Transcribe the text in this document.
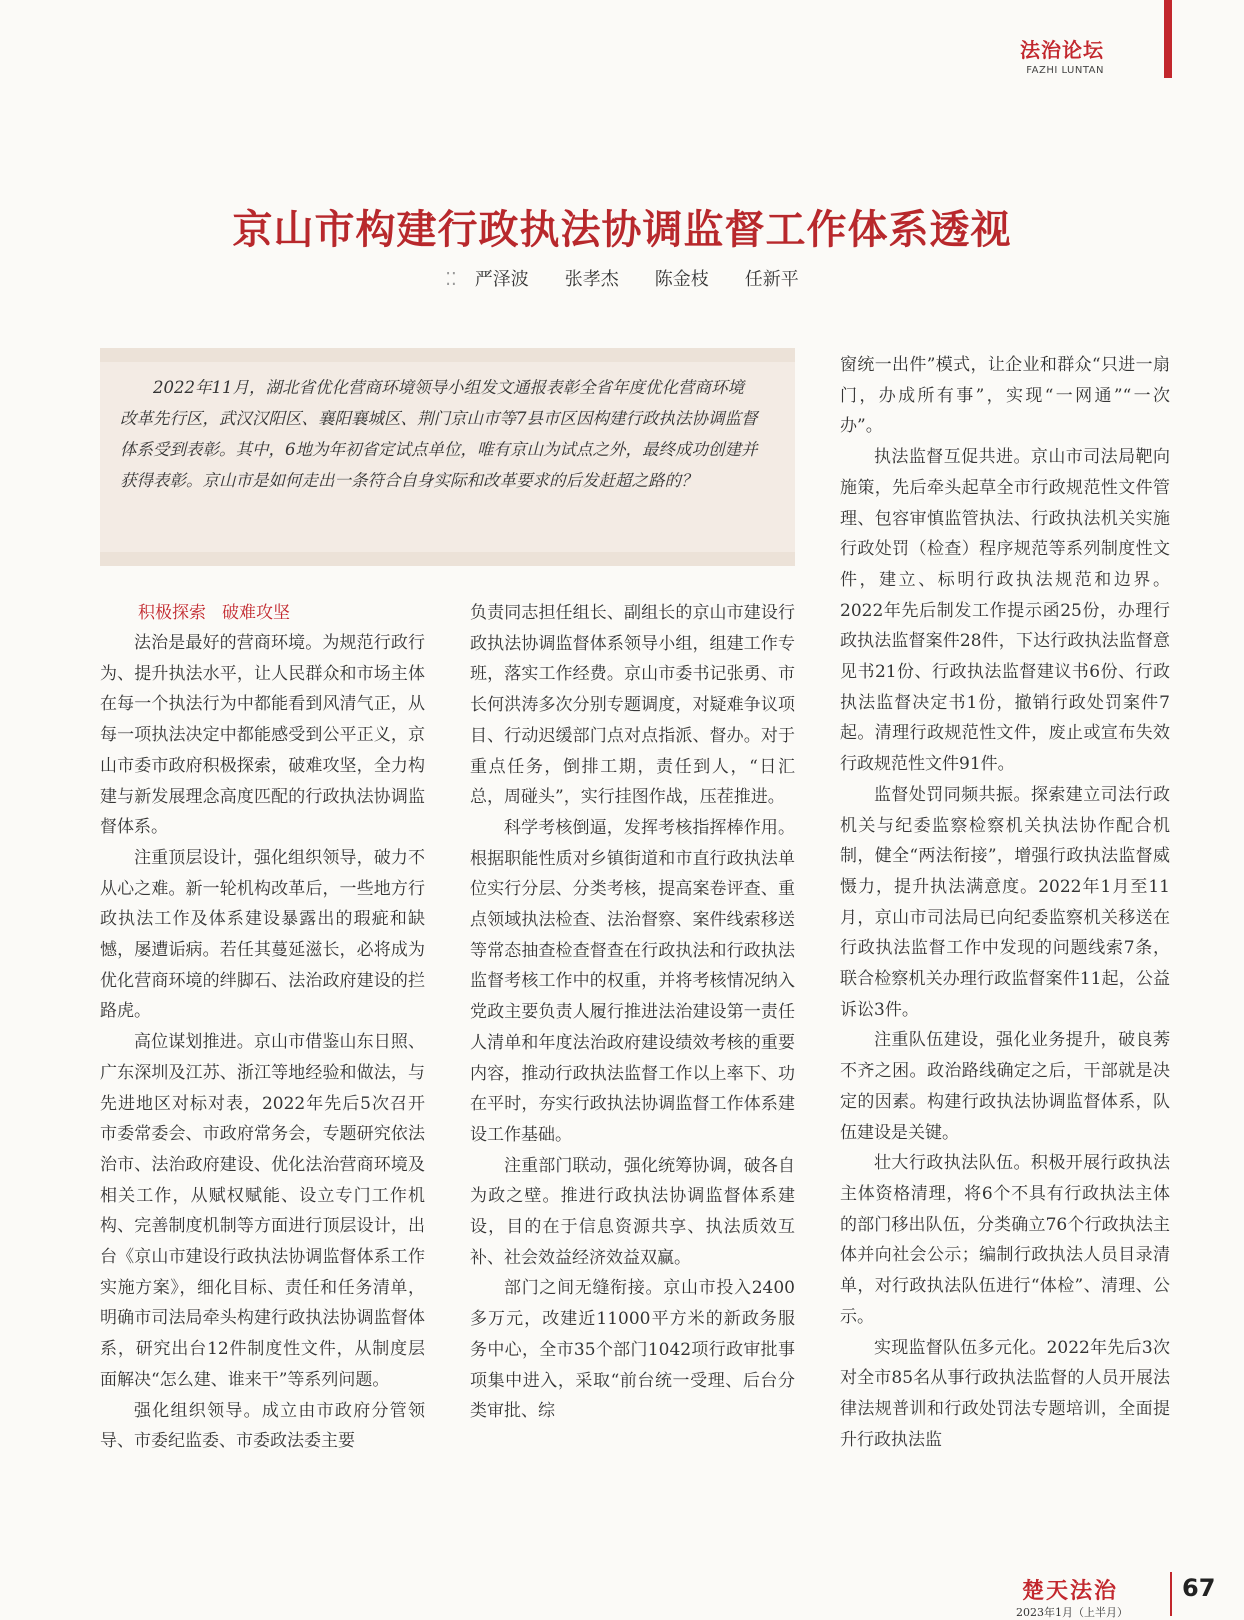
法治论坛
FAZHI LUNTAN
京山市构建行政执法协调监督工作体系透视
⁚⁚ 严泽波 张孝杰 陈金枝 任新平
2022年11月，湖北省优化营商环境领导小组发文通报表彰全省年度优化营商环境改革先行区，武汉汉阳区、襄阳襄城区、荆门京山市等7县市区因构建行政执法协调监督体系受到表彰。其中，6地为年初省定试点单位，唯有京山为试点之外，最终成功创建并获得表彰。京山市是如何走出一条符合自身实际和改革要求的后发赶超之路的？
积极探索 破难攻坚

法治是最好的营商环境。为规范行政行为、提升执法水平，让人民群众和市场主体在每一个执法行为中都能看到风清气正，从每一项执法决定中都能感受到公平正义，京山市委市政府积极探索，破难攻坚，全力构建与新发展理念高度匹配的行政执法协调监督体系。

注重顶层设计，强化组织领导，破力不从心之难。新一轮机构改革后，一些地方行政执法工作及体系建设暴露出的瑕疵和缺憾，屡遭诟病。若任其蔓延滋长，必将成为优化营商环境的绊脚石、法治政府建设的拦路虎。

高位谋划推进。京山市借鉴山东日照、广东深圳及江苏、浙江等地经验和做法，与先进地区对标对表，2022年先后5次召开市委常委会、市政府常务会，专题研究依法治市、法治政府建设、优化法治营商环境及相关工作，从赋权赋能、设立专门工作机构、完善制度机制等方面进行顶层设计，出台《京山市建设行政执法协调监督体系工作实施方案》，细化目标、责任和任务清单，明确市司法局牵头构建行政执法协调监督体系，研究出台12件制度性文件，从制度层面解决“怎么建、谁来干”等系列问题。

强化组织领导。成立由市政府分管领导、市委纪监委、市委政法委主要

负责同志担任组长、副组长的京山市建设行政执法协调监督体系领导小组，组建工作专班，落实工作经费。京山市委书记张勇、市长何洪涛多次分别专题调度，对疑难争议项目、行动迟缓部门点对点指派、督办。对于重点任务，倒排工期，责任到人，“日汇总，周碰头”，实行挂图作战，压茬推进。

科学考核倒逼，发挥考核指挥棒作用。根据职能性质对乡镇街道和市直行政执法单位实行分层、分类考核，提高案卷评查、重点领域执法检查、法治督察、案件线索移送等常态抽查检查督查在行政执法和行政执法监督考核工作中的权重，并将考核情况纳入党政主要负责人履行推进法治建设第一责任人清单和年度法治政府建设绩效考核的重要内容，推动行政执法监督工作以上率下、功在平时，夯实行政执法协调监督工作体系建设工作基础。

注重部门联动，强化统筹协调，破各自为政之壁。推进行政执法协调监督体系建设，目的在于信息资源共享、执法质效互补、社会效益经济效益双赢。

部门之间无缝衔接。京山市投入2400多万元，改建近11000平方米的新政务服务中心，全市35个部门1042项行政审批事项集中进入，采取“前台统一受理、后台分类审批、综

窗统一出件”模式，让企业和群众“只进一扇门，办成所有事”，实现“一网通”“一次办”。

执法监督互促共进。京山市司法局靶向施策，先后牵头起草全市行政规范性文件管理、包容审慎监管执法、行政执法机关实施行政处罚（检查）程序规范等系列制度性文件，建立、标明行政执法规范和边界。2022年先后制发工作提示函25份，办理行政执法监督案件28件，下达行政执法监督意见书21份、行政执法监督建议书6份、行政执法监督决定书1份，撤销行政处罚案件7起。清理行政规范性文件，废止或宣布失效行政规范性文件91件。

监督处罚同频共振。探索建立司法行政机关与纪委监察检察机关执法协作配合机制，健全“两法衔接”，增强行政执法监督威慑力，提升执法满意度。2022年1月至11月，京山市司法局已向纪委监察机关移送在行政执法监督工作中发现的问题线索7条，联合检察机关办理行政监督案件11起，公益诉讼3件。

注重队伍建设，强化业务提升，破良莠不齐之困。政治路线确定之后，干部就是决定的因素。构建行政执法协调监督体系，队伍建设是关键。

壮大行政执法队伍。积极开展行政执法主体资格清理，将6个不具有行政执法主体的部门移出队伍，分类确立76个行政执法主体并向社会公示；编制行政执法人员目录清单，对行政执法队伍进行“体检”、清理、公示。

实现监督队伍多元化。2022年先后3次对全市85名从事行政执法监督的人员开展法律法规普训和行政处罚法专题培训，全面提升行政执法监

楚天法治
2023年1月（上半月）
67
